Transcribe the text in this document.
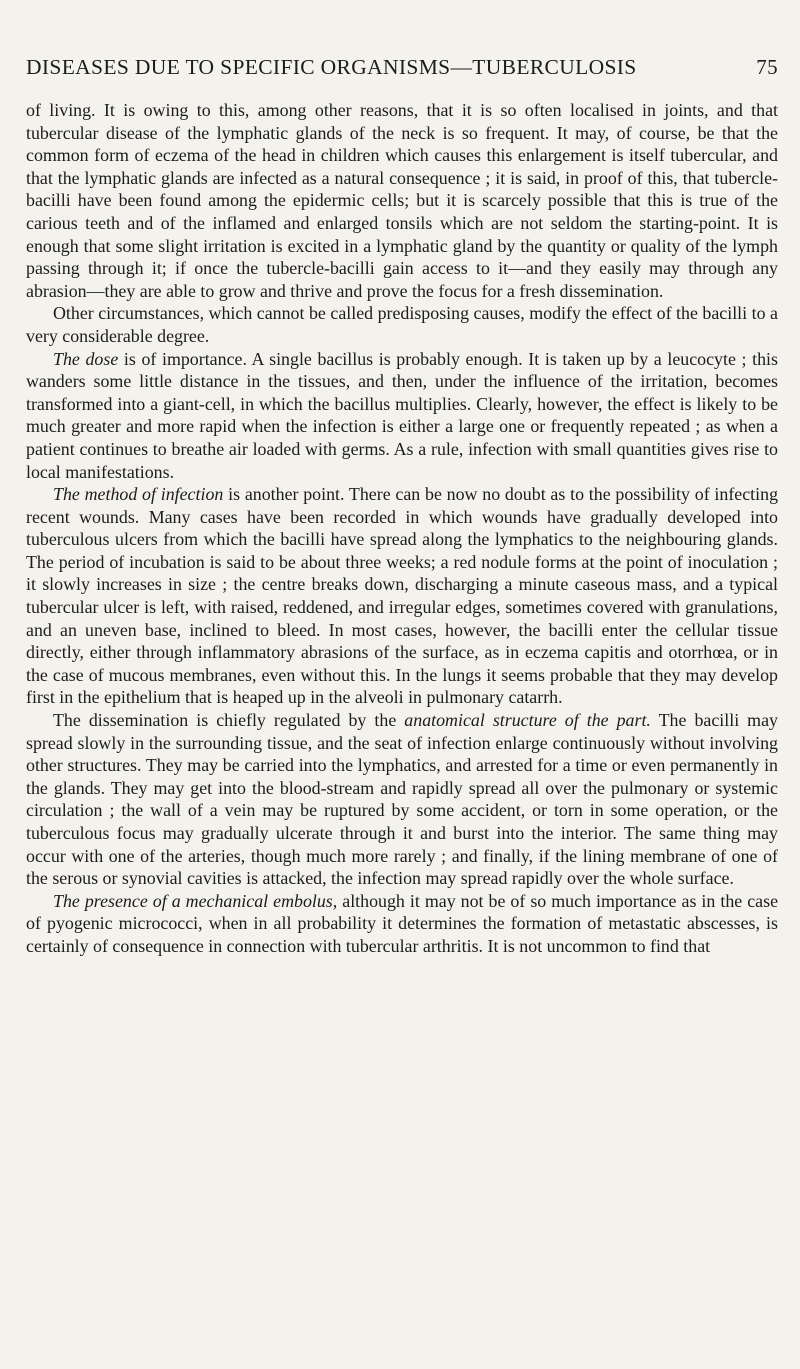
DISEASES DUE TO SPECIFIC ORGANISMS—TUBERCULOSIS	75

of living. It is owing to this, among other reasons, that it is so often localised in joints, and that tubercular disease of the lymphatic glands of the neck is so frequent. It may, of course, be that the common form of eczema of the head in children which causes this enlargement is itself tubercular, and that the lymphatic glands are infected as a natural consequence ; it is said, in proof of this, that tubercle-bacilli have been found among the epidermic cells; but it is scarcely possible that this is true of the carious teeth and of the inflamed and enlarged tonsils which are not seldom the starting-point. It is enough that some slight irritation is excited in a lymphatic gland by the quantity or quality of the lymph passing through it; if once the tubercle-bacilli gain access to it—and they easily may through any abrasion—they are able to grow and thrive and prove the focus for a fresh dissemination.

Other circumstances, which cannot be called predisposing causes, modify the effect of the bacilli to a very considerable degree.

The dose is of importance. A single bacillus is probably enough. It is taken up by a leucocyte ; this wanders some little distance in the tissues, and then, under the influence of the irritation, becomes transformed into a giant-cell, in which the bacillus multiplies. Clearly, however, the effect is likely to be much greater and more rapid when the infection is either a large one or frequently repeated ; as when a patient continues to breathe air loaded with germs. As a rule, infection with small quantities gives rise to local manifestations.

The method of infection is another point. There can be now no doubt as to the possibility of infecting recent wounds. Many cases have been recorded in which wounds have gradually developed into tuberculous ulcers from which the bacilli have spread along the lymphatics to the neighbouring glands. The period of incubation is said to be about three weeks; a red nodule forms at the point of inoculation ; it slowly increases in size ; the centre breaks down, discharging a minute caseous mass, and a typical tubercular ulcer is left, with raised, reddened, and irregular edges, sometimes covered with granulations, and an uneven base, inclined to bleed. In most cases, however, the bacilli enter the cellular tissue directly, either through inflammatory abrasions of the surface, as in eczema capitis and otorrhœa, or in the case of mucous membranes, even without this. In the lungs it seems probable that they may develop first in the epithelium that is heaped up in the alveoli in pulmonary catarrh.

The dissemination is chiefly regulated by the anatomical structure of the part. The bacilli may spread slowly in the surrounding tissue, and the seat of infection enlarge continuously without involving other structures. They may be carried into the lymphatics, and arrested for a time or even permanently in the glands. They may get into the blood-stream and rapidly spread all over the pulmonary or systemic circulation ; the wall of a vein may be ruptured by some accident, or torn in some operation, or the tuberculous focus may gradually ulcerate through it and burst into the interior. The same thing may occur with one of the arteries, though much more rarely ; and finally, if the lining membrane of one of the serous or synovial cavities is attacked, the infection may spread rapidly over the whole surface.

The presence of a mechanical embolus, although it may not be of so much importance as in the case of pyogenic micrococci, when in all probability it determines the formation of metastatic abscesses, is certainly of consequence in connection with tubercular arthritis. It is not uncommon to find that
